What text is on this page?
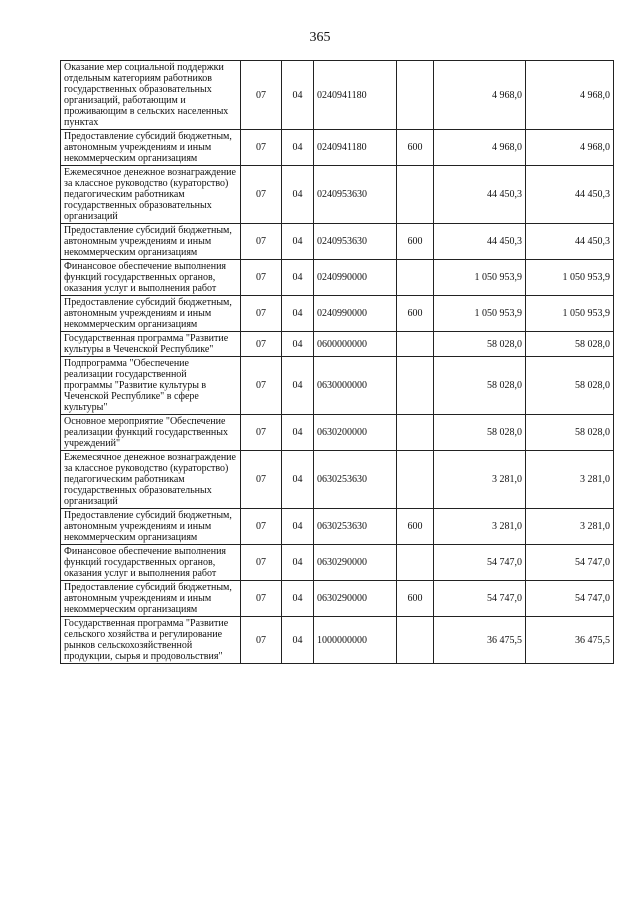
365
Оказание мер социальной поддержки отдельным категориям работников государственных образовательных организаций, работающим и проживающим в сельских населенных пунктах	07	04	0240941180		4 968,0	4 968,0
Предоставление субсидий бюджетным, автономным учреждениям и иным некоммерческим организациям	07	04	0240941180	600	4 968,0	4 968,0
Ежемесячное денежное вознаграждение за классное руководство (кураторство) педагогическим работникам государственных образовательных организаций	07	04	0240953630		44 450,3	44 450,3
Предоставление субсидий бюджетным, автономным учреждениям и иным некоммерческим организациям	07	04	0240953630	600	44 450,3	44 450,3
Финансовое обеспечение выполнения функций государственных органов, оказания услуг и выполнения работ	07	04	0240990000		1 050 953,9	1 050 953,9
Предоставление субсидий бюджетным, автономным учреждениям и иным некоммерческим организациям	07	04	0240990000	600	1 050 953,9	1 050 953,9
Государственная программа "Развитие культуры в Чеченской Республике"	07	04	0600000000		58 028,0	58 028,0
Подпрограмма "Обеспечение реализации государственной программы "Развитие культуры в Чеченской Республике" в сфере культуры"	07	04	0630000000		58 028,0	58 028,0
Основное мероприятие "Обеспечение реализации функций государственных учреждений"	07	04	0630200000		58 028,0	58 028,0
Ежемесячное денежное вознаграждение за классное руководство (кураторство) педагогическим работникам государственных образовательных организаций	07	04	0630253630		3 281,0	3 281,0
Предоставление субсидий бюджетным, автономным учреждениям и иным некоммерческим организациям	07	04	0630253630	600	3 281,0	3 281,0
Финансовое обеспечение выполнения функций государственных органов, оказания услуг и выполнения работ	07	04	0630290000		54 747,0	54 747,0
Предоставление субсидий бюджетным, автономным учреждениям и иным некоммерческим организациям	07	04	0630290000	600	54 747,0	54 747,0
Государственная программа "Развитие сельского хозяйства и регулирование рынков сельскохозяйственной продукции, сырья и продовольствия"	07	04	1000000000		36 475,5	36 475,5
